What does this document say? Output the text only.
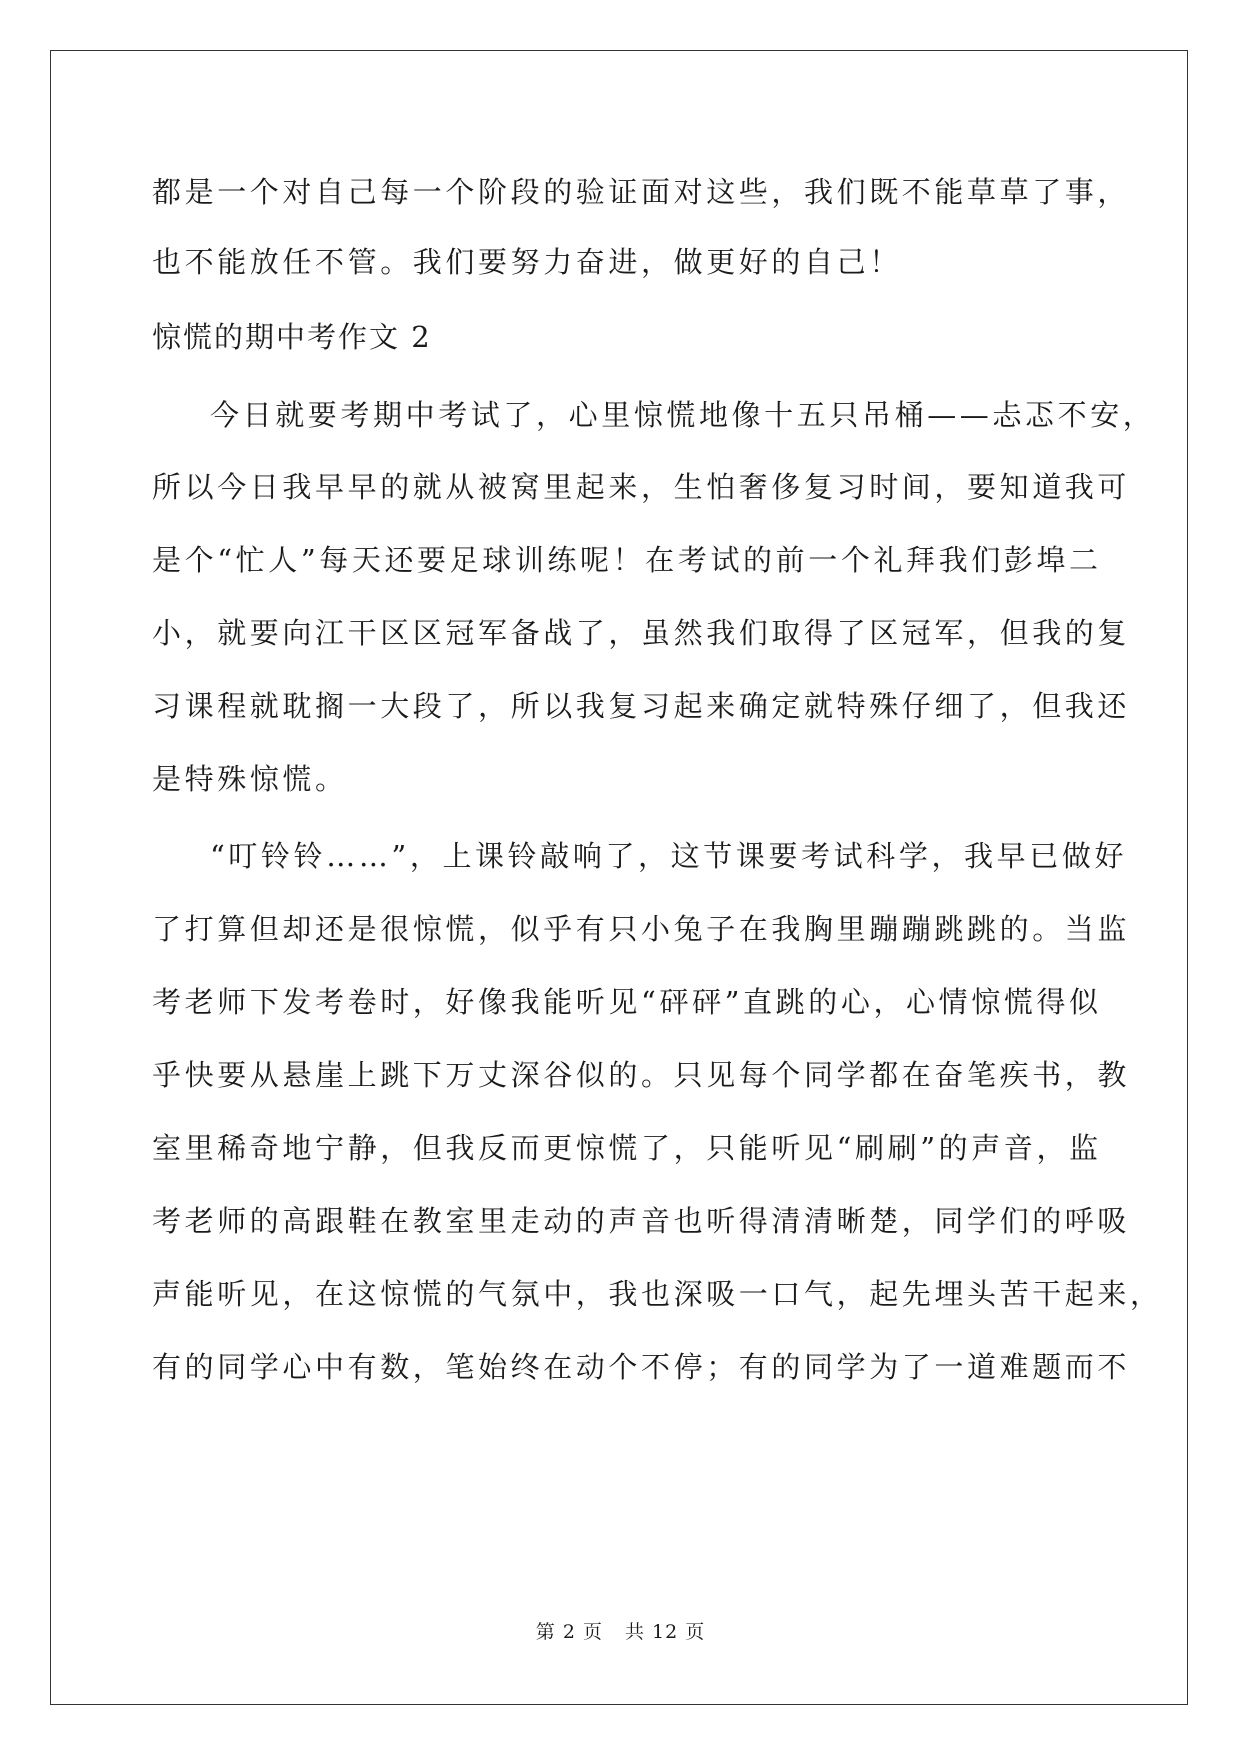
都是一个对自己每一个阶段的验证面对这些，我们既不能草草了事，
也不能放任不管。我们要努力奋进，做更好的自己！
惊慌的期中考作文 2
今日就要考期中考试了，心里惊慌地像十五只吊桶——忐忑不安，
所以今日我早早的就从被窝里起来，生怕奢侈复习时间，要知道我可
是个“忙人”每天还要足球训练呢！在考试的前一个礼拜我们彭埠二
小，就要向江干区区冠军备战了，虽然我们取得了区冠军，但我的复
习课程就耽搁一大段了，所以我复习起来确定就特殊仔细了，但我还
是特殊惊慌。
“叮铃铃……”，上课铃敲响了，这节课要考试科学，我早已做好
了打算但却还是很惊慌，似乎有只小兔子在我胸里蹦蹦跳跳的。当监
考老师下发考卷时，好像我能听见“砰砰”直跳的心，心情惊慌得似
乎快要从悬崖上跳下万丈深谷似的。只见每个同学都在奋笔疾书，教
室里稀奇地宁静，但我反而更惊慌了，只能听见“刷刷”的声音，监
考老师的高跟鞋在教室里走动的声音也听得清清晰楚，同学们的呼吸
声能听见，在这惊慌的气氛中，我也深吸一口气，起先埋头苦干起来，
有的同学心中有数，笔始终在动个不停；有的同学为了一道难题而不
第 2 页 共 12 页
